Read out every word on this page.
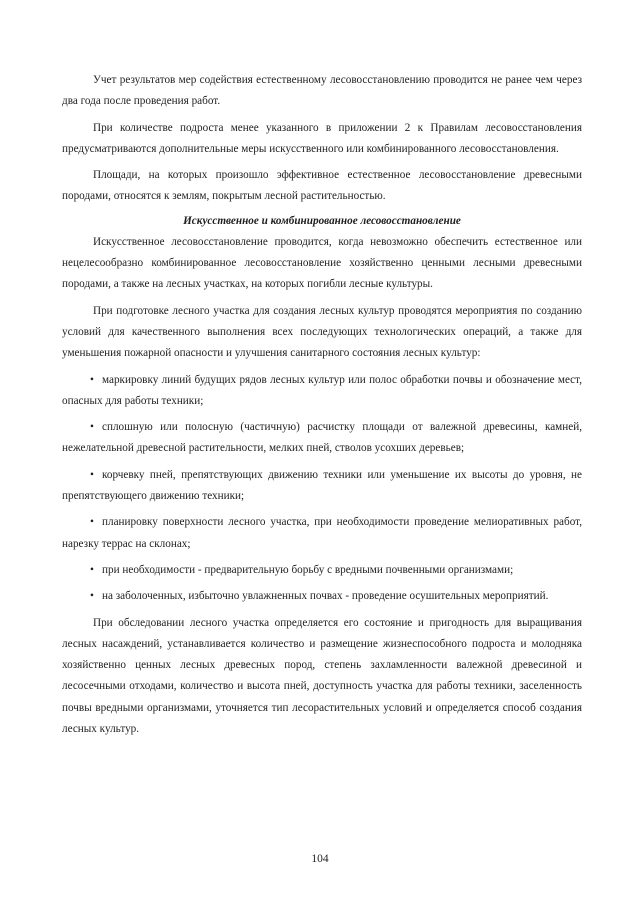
Учет результатов мер содействия естественному лесовосстановлению проводится не ранее чем через два года после проведения работ.

При количестве подроста менее указанного в приложении 2 к Правилам лесовосстановления предусматриваются дополнительные меры искусственного или комбинированного лесовосстановления.

Площади, на которых произошло эффективное естественное лесовосстановление древесными породами, относятся к землям, покрытым лесной растительностью.

Искусственное и комбинированное лесовосстановление

Искусственное лесовосстановление проводится, когда невозможно обеспечить естественное или нецелесообразно комбинированное лесовосстановление хозяйственно ценными лесными древесными породами, а также на лесных участках, на которых погибли лесные культуры.

При подготовке лесного участка для создания лесных культур проводятся мероприятия по созданию условий для качественного выполнения всех последующих технологических операций, а также для уменьшения пожарной опасности и улучшения санитарного состояния лесных культур:

• маркировку линий будущих рядов лесных культур или полос обработки почвы и обозначение мест, опасных для работы техники;

• сплошную или полосную (частичную) расчистку площади от валежной древесины, камней, нежелательной древесной растительности, мелких пней, стволов усохших деревьев;

• корчевку пней, препятствующих движению техники или уменьшение их высоты до уровня, не препятствующего движению техники;

• планировку поверхности лесного участка, при необходимости проведение мелиоративных работ, нарезку террас на склонах;

• при необходимости - предварительную борьбу с вредными почвенными организмами;

• на заболоченных, избыточно увлажненных почвах - проведение осушительных мероприятий.

При обследовании лесного участка определяется его состояние и пригодность для выращивания лесных насаждений, устанавливается количество и размещение жизнеспособного подроста и молодняка хозяйственно ценных лесных древесных пород, степень захламленности валежной древесиной и лесосечными отходами, количество и высота пней, доступность участка для работы техники, заселенность почвы вредными организмами, уточняется тип лесорастительных условий и определяется способ создания лесных культур.

104
